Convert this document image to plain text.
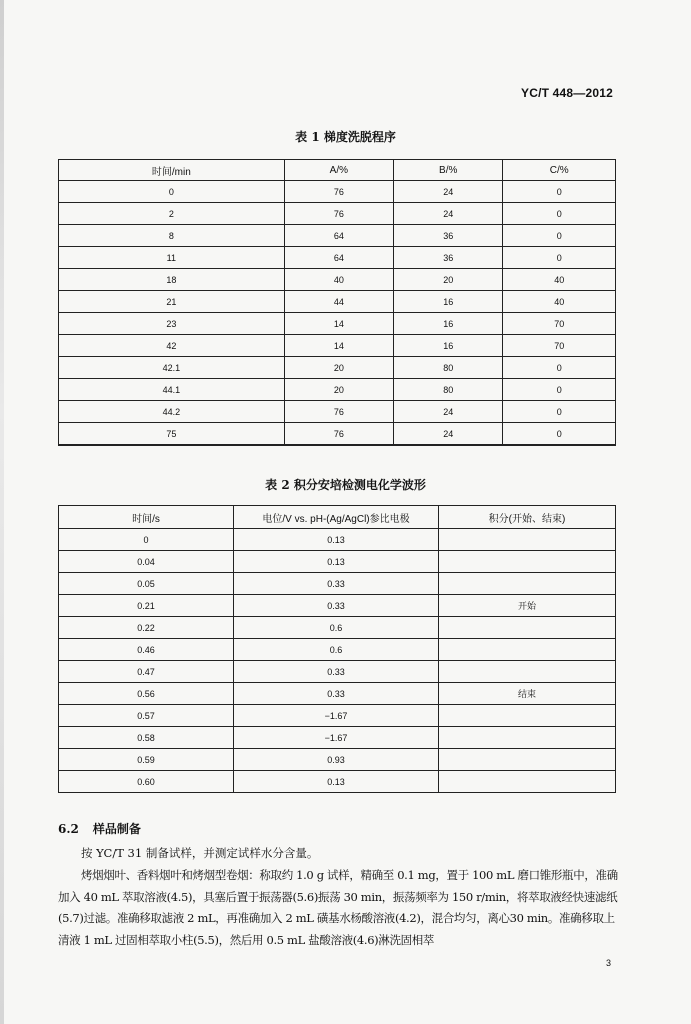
YC/T 448—2012
表 1 梯度洗脱程序
时间/min	A/%	B/%	C/%
0	76	24	0
2	76	24	0
8	64	36	0
11	64	36	0
18	40	20	40
21	44	16	40
23	14	16	70
42	14	16	70
42.1	20	80	0
44.1	20	80	0
44.2	76	24	0
75	76	24	0
表 2 积分安培检测电化学波形
时间/s	电位/V vs. pH-(Ag/AgCl)参比电极	积分(开始、结束)
0	0.13	
0.04	0.13	
0.05	0.33	
0.21	0.33	开始
0.22	0.6	
0.46	0.6	
0.47	0.33	
0.56	0.33	结束
0.57	−1.67	
0.58	−1.67	
0.59	0.93	
0.60	0.13	
6.2 样品制备
按 YC/T 31 制备试样，并测定试样水分含量。
烤烟烟叶、香料烟叶和烤烟型卷烟：称取约 1.0 g 试样，精确至 0.1 mg，置于 100 mL 磨口锥形瓶中，准确加入 40 mL 萃取溶液(4.5)，具塞后置于振荡器(5.6)振荡 30 min，振荡频率为 150 r/min，将萃取液经快速滤纸(5.7)过滤。准确移取滤液 2 mL，再准确加入 2 mL 磺基水杨酸溶液(4.2)，混合均匀，离心30 min。准确移取上清液 1 mL 过固相萃取小柱(5.5)，然后用 0.5 mL 盐酸溶液(4.6)淋洗固相萃
3
